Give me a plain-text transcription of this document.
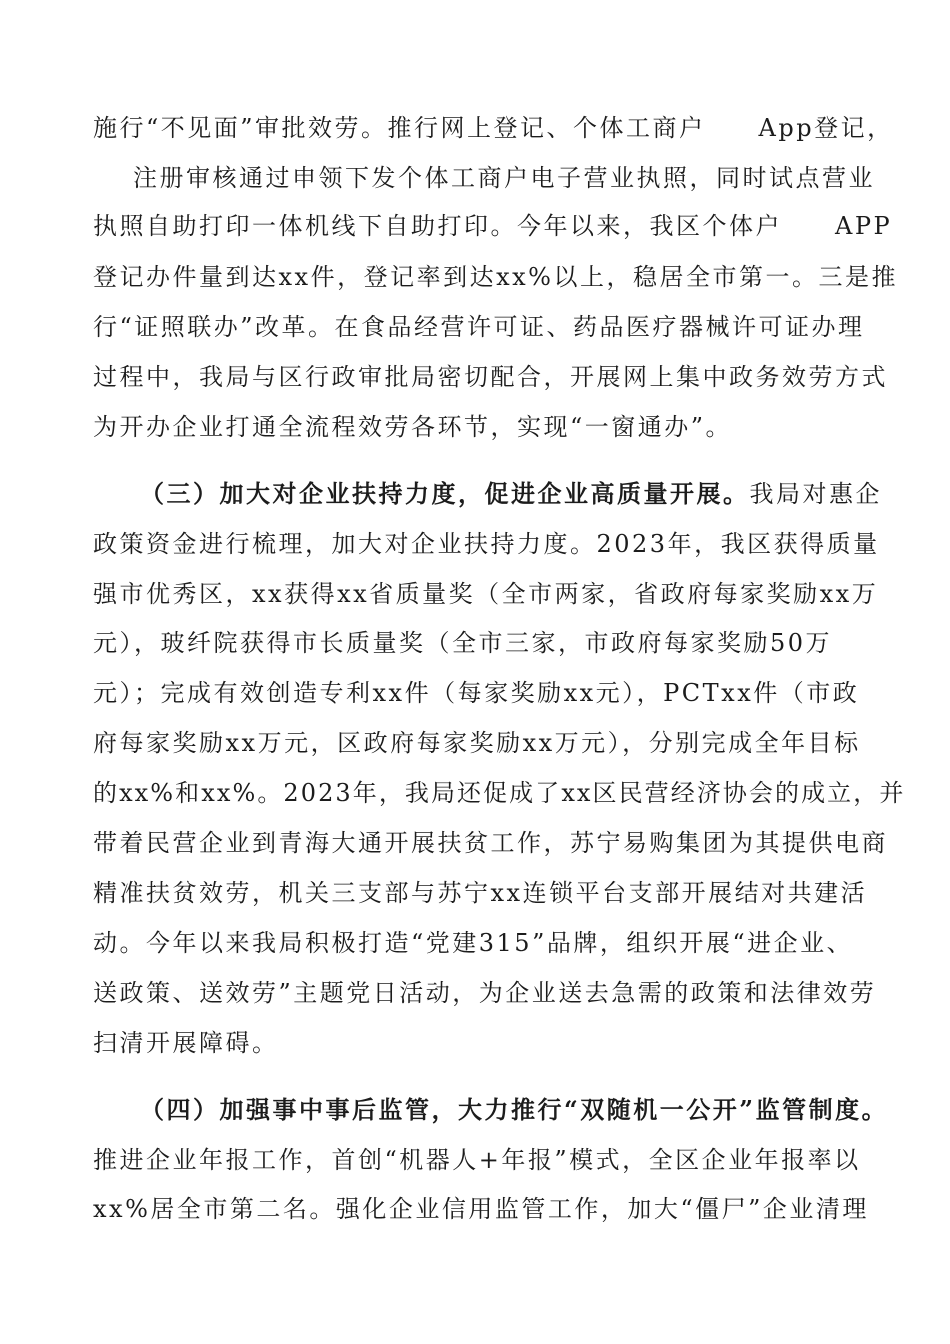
施行“不见面”审批效劳。推行网上登记、个体工商户　　App登记，
注册审核通过申领下发个体工商户电子营业执照，同时试点营业
执照自助打印一体机线下自助打印。今年以来，我区个体户　　APP
登记办件量到达xx件，登记率到达xx%以上，稳居全市第一。三是推
行“证照联办”改革。在食品经营许可证、药品医疗器械许可证办理
过程中，我局与区行政审批局密切配合，开展网上集中政务效劳方式
为开办企业打通全流程效劳各环节，实现“一窗通办”。
（三）加大对企业扶持力度，促进企业高质量开展。我局对惠企
政策资金进行梳理，加大对企业扶持力度。2023年，我区获得质量
强市优秀区，xx获得xx省质量奖（全市两家，省政府每家奖励xx万
元），玻纤院获得市长质量奖（全市三家，市政府每家奖励50万
元）；完成有效创造专利xx件（每家奖励xx元），PCTxx件（市政
府每家奖励xx万元，区政府每家奖励xx万元），分别完成全年目标
的xx%和xx%。2023年，我局还促成了xx区民营经济协会的成立，并
带着民营企业到青海大通开展扶贫工作，苏宁易购集团为其提供电商
精准扶贫效劳，机关三支部与苏宁xx连锁平台支部开展结对共建活
动。今年以来我局积极打造“党建315”品牌，组织开展“进企业、
送政策、送效劳”主题党日活动，为企业送去急需的政策和法律效劳
扫清开展障碍。
（四）加强事中事后监管，大力推行“双随机一公开”监管制度。
推进企业年报工作，首创“机器人+年报”模式，全区企业年报率以
xx%居全市第二名。强化企业信用监管工作，加大“僵尸”企业清理
